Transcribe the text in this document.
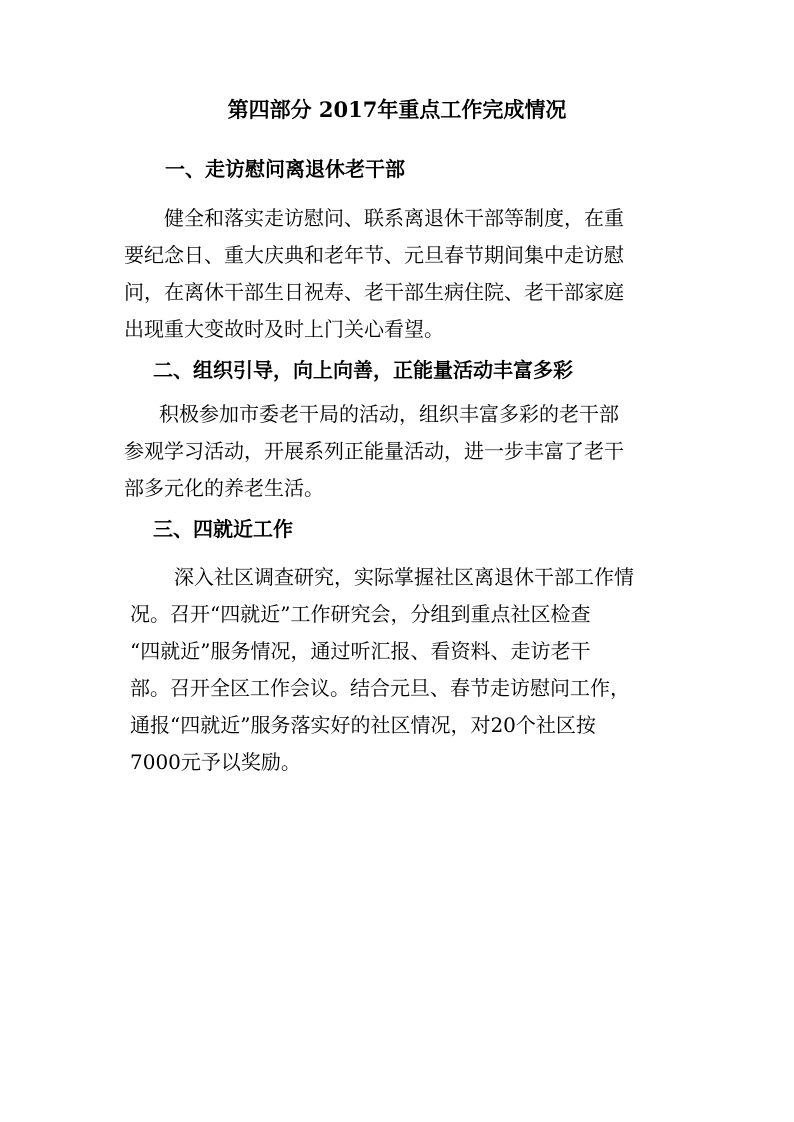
第四部分 2017年重点工作完成情况
一、走访慰问离退休老干部
健全和落实走访慰问、联系离退休干部等制度，在重
要纪念日、重大庆典和老年节、元旦春节期间集中走访慰
问，在离休干部生日祝寿、老干部生病住院、老干部家庭
出现重大变故时及时上门关心看望。
二、组织引导，向上向善，正能量活动丰富多彩
积极参加市委老干局的活动，组织丰富多彩的老干部
参观学习活动，开展系列正能量活动，进一步丰富了老干
部多元化的养老生活。
三、四就近工作
深入社区调查研究，实际掌握社区离退休干部工作情
况。召开“四就近”工作研究会，分组到重点社区检查
“四就近”服务情况，通过听汇报、看资料、走访老干
部。召开全区工作会议。结合元旦、春节走访慰问工作，
通报“四就近”服务落实好的社区情况，对20个社区按
7000元予以奖励。
